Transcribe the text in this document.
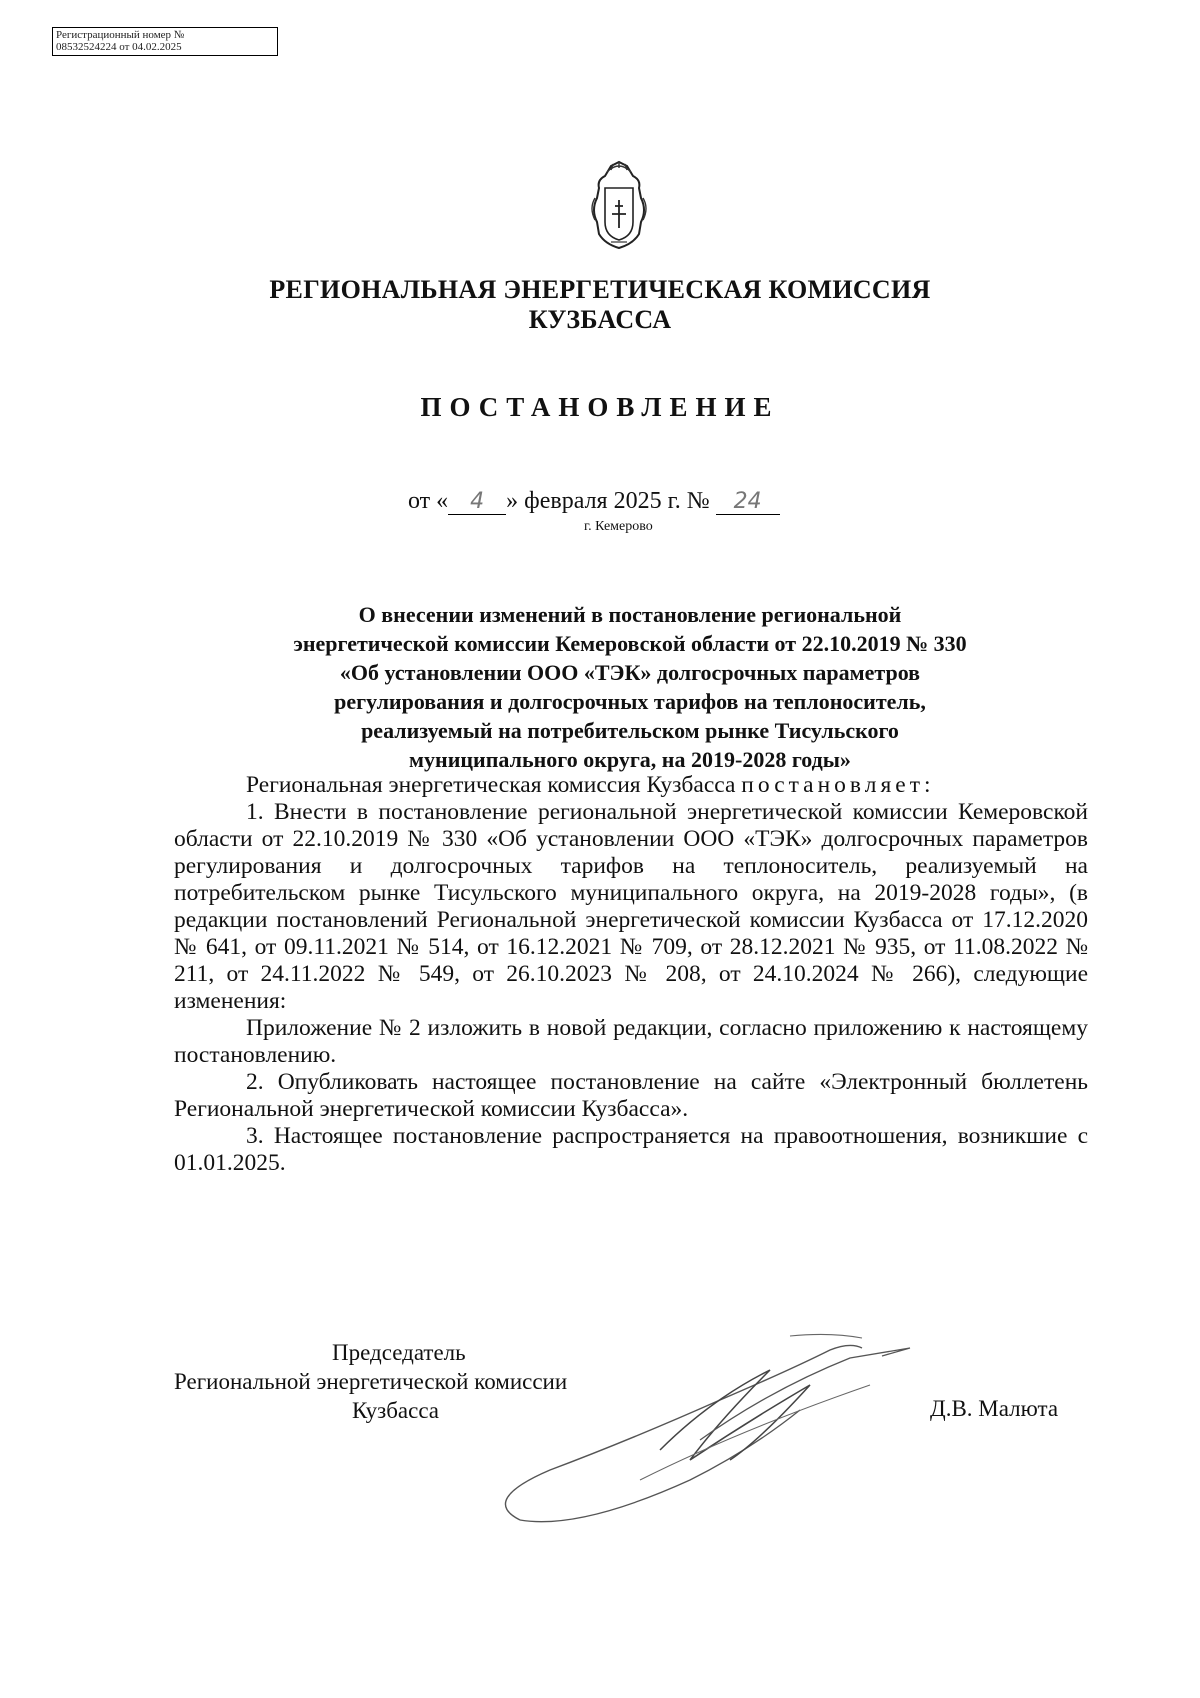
Регистрационный номер №
08532524224 от 04.02.2025
РЕГИОНАЛЬНАЯ ЭНЕРГЕТИЧЕСКАЯ КОМИССИЯ
КУЗБАССА
ПОСТАНОВЛЕНИЕ
от « 4 » февраля 2025 г. № 24
г. Кемерово
О внесении изменений в постановление региональной
энергетической комиссии Кемеровской области от 22.10.2019 № 330
«Об установлении ООО «ТЭК» долгосрочных параметров
регулирования и долгосрочных тарифов на теплоноситель,
реализуемый на потребительском рынке Тисульского
муниципального округа, на 2019-2028 годы»

Региональная энергетическая комиссия Кузбасса постановляет:

1. Внести в постановление региональной энергетической комиссии Кемеровской области от 22.10.2019 № 330 «Об установлении ООО «ТЭК» долгосрочных параметров регулирования и долгосрочных тарифов на теплоноситель, реализуемый на потребительском рынке Тисульского муниципального округа, на 2019-2028 годы», (в редакции постановлений Региональной энергетической комиссии Кузбасса от 17.12.2020 № 641, от 09.11.2021 № 514, от 16.12.2021 № 709, от 28.12.2021 № 935, от 11.08.2022 № 211, от 24.11.2022 № 549, от 26.10.2023 № 208, от 24.10.2024 № 266), следующие изменения:

Приложение № 2 изложить в новой редакции, согласно приложению к настоящему постановлению.

2. Опубликовать настоящее постановление на сайте «Электронный бюллетень Региональной энергетической комиссии Кузбасса».

3. Настоящее постановление распространяется на правоотношения, возникшие с 01.01.2025.

Председатель
Региональной энергетической комиссии
Кузбасса	Д.В. Малюта
